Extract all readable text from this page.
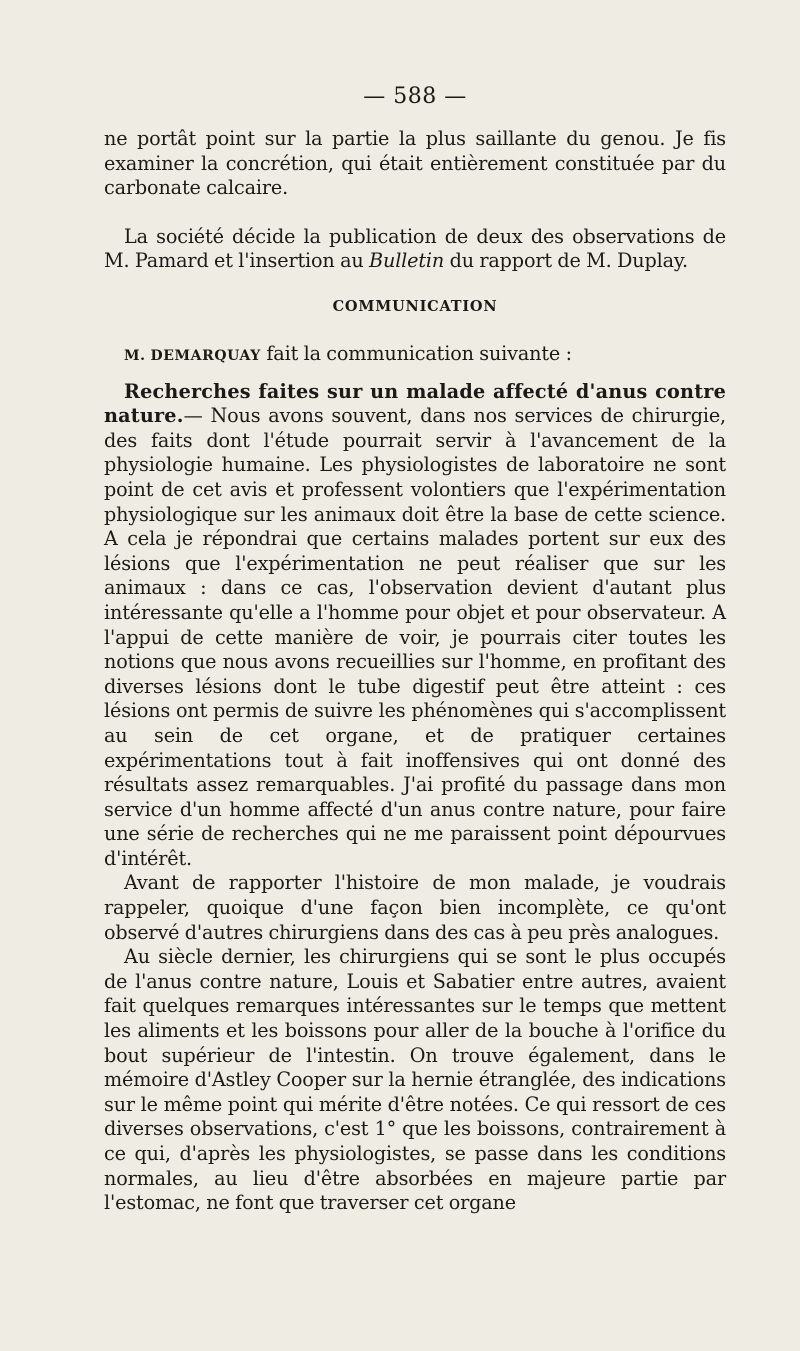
— 588 —

ne portât point sur la partie la plus saillante du genou. Je fis examiner la concrétion, qui était entièrement constituée par du carbonate calcaire.

La société décide la publication de deux des observations de M. Pamard et l'insertion au Bulletin du rapport de M. Duplay.

COMMUNICATION

M. DEMARQUAY fait la communication suivante :

Recherches faites sur un malade affecté d'anus contre nature.— Nous avons souvent, dans nos services de chirurgie, des faits dont l'étude pourrait servir à l'avancement de la physiologie humaine. Les physiologistes de laboratoire ne sont point de cet avis et professent volontiers que l'expérimentation physiologique sur les animaux doit être la base de cette science. A cela je répondrai que certains malades portent sur eux des lésions que l'expérimentation ne peut réaliser que sur les animaux : dans ce cas, l'observation devient d'autant plus intéressante qu'elle a l'homme pour objet et pour observateur. A l'appui de cette manière de voir, je pourrais citer toutes les notions que nous avons recueillies sur l'homme, en profitant des diverses lésions dont le tube digestif peut être atteint : ces lésions ont permis de suivre les phénomènes qui s'accomplissent au sein de cet organe, et de pratiquer certaines expérimentations tout à fait inoffensives qui ont donné des résultats assez remarquables. J'ai profité du passage dans mon service d'un homme affecté d'un anus contre nature, pour faire une série de recherches qui ne me paraissent point dépourvues d'intérêt.

Avant de rapporter l'histoire de mon malade, je voudrais rappeler, quoique d'une façon bien incomplète, ce qu'ont observé d'autres chirurgiens dans des cas à peu près analogues.

Au siècle dernier, les chirurgiens qui se sont le plus occupés de l'anus contre nature, Louis et Sabatier entre autres, avaient fait quelques remarques intéressantes sur le temps que mettent les aliments et les boissons pour aller de la bouche à l'orifice du bout supérieur de l'intestin. On trouve également, dans le mémoire d'Astley Cooper sur la hernie étranglée, des indications sur le même point qui mérite d'être notées. Ce qui ressort de ces diverses observations, c'est 1° que les boissons, contrairement à ce qui, d'après les physiologistes, se passe dans les conditions normales, au lieu d'être absorbées en majeure partie par l'estomac, ne font que traverser cet organe
